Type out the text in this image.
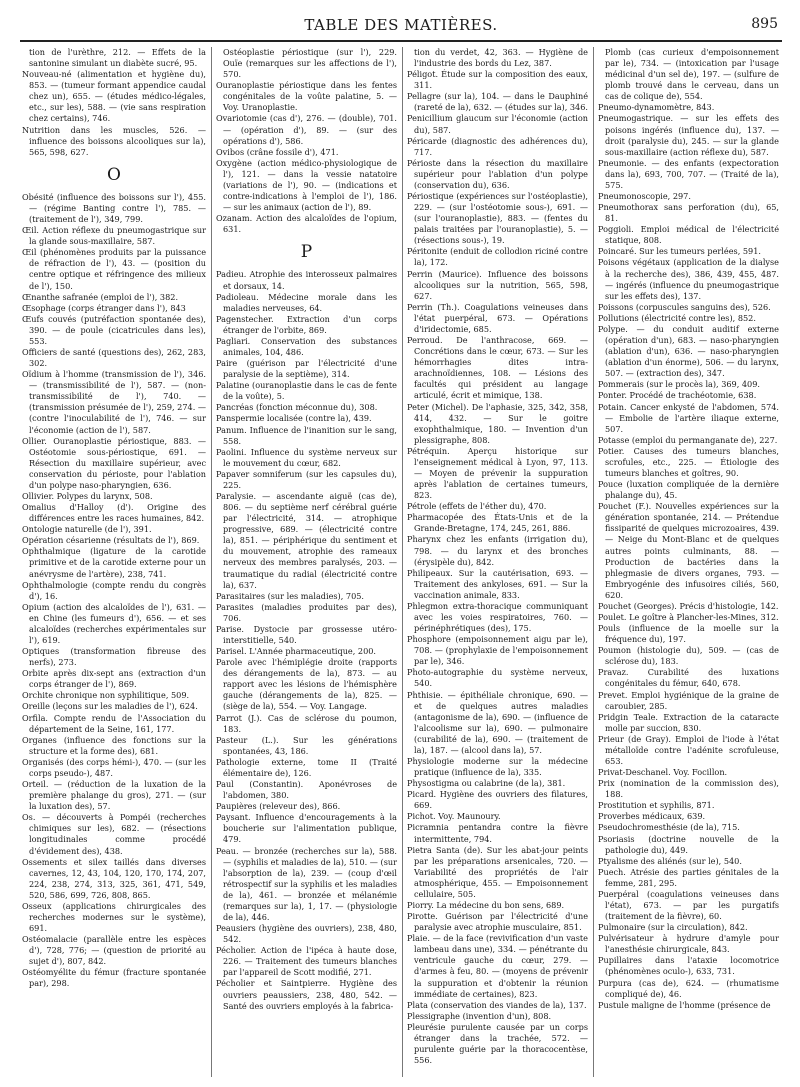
TABLE DES MATIÈRES.	895
tion de l'urèthre, 212. — Effets de la santonine simulant un diabète sucré, 95.
Nouveau-né (alimentation et hygiène du), 853. — (tumeur formant appendice caudal chez un), 655. — (études médico-légales, etc., sur les), 588. — (vie sans respiration chez certains), 746.
Nutrition dans les muscles, 526. — influence des boissons alcooliques sur la), 565, 598, 627.
O
Obésité (influence des boissons sur l'), 455. — (régime Banting contre l'), 785. — (traitement de l'), 349, 799.
Œil. Action réflexe du pneumogastrique sur la glande sous-maxillaire, 587.
Œil (phénomènes produits par la puissance de réfraction de l'), 43. — (position du centre optique et réfringence des milieux de l'), 150.
Œnanthe safranée (emploi de l'), 382.
Œsophage (corps étranger dans l'), 843
Œufs couvés (putréfaction spontanée des), 390. — de poule (cicatricules dans les), 553.
Officiers de santé (questions des), 262, 283, 302.
Oïdium à l'homme (transmission de l'), 346. — (transmissibilité de l'), 587. — (non-transmissibilité de l'), 740. — (transmission présumée de l'), 259, 274. — (contre l'inoculabilité de l'), 746. — sur l'économie (action de l'), 587.
Ollier. Ouranoplastie périostique, 883. — Ostéotomie sous-périostique, 691. — Résection du maxillaire supérieur, avec conservation du périoste, pour l'ablation d'un polype naso-pharyngien, 636.
Ollivier. Polypes du larynx, 508.
Omalius d'Halloy (d'). Origine des différences entre les races humaines, 842.
Ontologie naturelle (de l'), 391.
Opération césarienne (résultats de l'), 869.
Ophthalmique (ligature de la carotide primitive et de la carotide externe pour un anévrysme de l'artère), 238, 741.
Ophthalmologie (compte rendu du congrès d'), 16.
Opium (action des alcaloïdes de l'), 631. — en Chine (les fumeurs d'), 656. — et ses alcaloïdes (recherches expérimentales sur l'), 619.
Optiques (transformation fibreuse des nerfs), 273.
Orbite après dix-sept ans (extraction d'un corps étranger de l'), 869.
Orchite chronique non syphilitique, 509.
Oreille (leçons sur les maladies de l'), 624.
Orfila. Compte rendu de l'Association du département de la Seine, 161, 177.
Organes (influence des fonctions sur la structure et la forme des), 681.
Organisés (des corps hémi-), 470. — (sur les corps pseudo-), 487.
Orteil. — (réduction de la luxation de la première phalange du gros), 271. — (sur la luxation des), 57.
Os. — découverts à Pompéi (recherches chimiques sur les), 682. — (résections longitudinales comme procédé d'évidement des), 438.
Ossements et silex taillés dans diverses cavernes, 12, 43, 104, 120, 170, 174, 207, 224, 238, 274, 313, 325, 361, 471, 549, 520, 586, 699, 726, 808, 865.
Osseux (applications chirurgicales des recherches modernes sur le système), 691.
Ostéomalacie (parallèle entre les espèces d'), 728, 776; — (question de priorité au sujet d'), 807, 842.
Ostéomyélite du fémur (fracture spontanée par), 298.
Ostéoplastie périostique (sur l'), 229. Ouïe (remarques sur les affections de l'), 570.
Ouranoplastie périostique dans les fentes congénitales de la voûte palatine, 5. — Voy. Uranoplastie.
Ovariotomie (cas d'), 276. — (double), 701. — (opération d'), 89. — (sur des opérations d'), 586.
Ovibos (crâne fossile d'), 471.
Oxygène (action médico-physiologique de l'), 121. — dans la vessie natatoire (variations de l'), 90. — (indications et contre-indications à l'emploi de l'), 186. — sur les animaux (action de l'), 89.
Ozanam. Action des alcaloïdes de l'opium, 631.
P
Padieu. Atrophie des interosseux palmaires et dorsaux, 14.
Padioleau. Médecine morale dans les maladies nerveuses, 64.
Pagenstecher. Extraction d'un corps étranger de l'orbite, 869.
Pagliari. Conservation des substances animales, 104, 486.
Paire (guérison par l'électricité d'une paralysie de la septième), 314.
Palatine (ouranoplastie dans le cas de fente de la voûte), 5.
Pancréas (fonction méconnue du), 308.
Panspermie localisée (contre la), 439.
Panum. Influence de l'inanition sur le sang, 558.
Paolini. Influence du système nerveux sur le mouvement du cœur, 682.
Papaver somniferum (sur les capsules du), 225.
Paralysie. — ascendante aiguë (cas de), 806. — du septième nerf cérébral guérie par l'électricité, 314. — atrophique progressive, 689. — (électricité contre la), 851. — périphérique du sentiment et du mouvement, atrophie des rameaux nerveux des membres paralysés, 203. — traumatique du radial (électricité contre la), 637.
Parasitaires (sur les maladies), 705.
Parasites (maladies produites par des), 706.
Parise. Dystocie par grossesse utéro-interstitielle, 540.
Parisel. L'Année pharmaceutique, 200.
Parole avec l'hémiplégie droite (rapports des dérangements de la), 873. — au rapport avec les lésions de l'hémisphère gauche (dérangements de la), 825. — (siège de la), 554. — Voy. Langage.
Parrot (J.). Cas de sclérose du poumon, 183.
Pasteur (L.). Sur les générations spontanées, 43, 186.
Pathologie externe, tome II (Traité élémentaire de), 126.
Paul (Constantin). Aponévroses de l'abdomen, 380.
Paupières (releveur des), 866.
Paysant. Influence d'encouragements à la boucherie sur l'alimentation publique, 479.
Peau. — bronzée (recherches sur la), 588. — (syphilis et maladies de la), 510. — (sur l'absorption de la), 239. — (coup d'œil rétrospectif sur la syphilis et les maladies de la), 461. — bronzée et mélanémie (remarques sur la), 1, 17. — (physiologie de la), 446.
Peausiers (hygiène des ouvriers), 238, 480, 542.
Pécholier. Action de l'ipéca à haute dose, 226. — Traitement des tumeurs blanches par l'appareil de Scott modifié, 271.
Pécholier et Saintpierre. Hygiène des ouvriers peaussiers, 238, 480, 542. — Santé des ouvriers employés à la fabrica-
tion du verdet, 42, 363. — Hygiène de l'industrie des bords du Lez, 387.
Péligot. Étude sur la composition des eaux, 311.
Pellagre (sur la), 104. — dans le Dauphiné (rareté de la), 632. — (études sur la), 346.
Penicillium glaucum sur l'économie (action du), 587.
Péricarde (diagnostic des adhérences du), 717.
Périoste dans la résection du maxillaire supérieur pour l'ablation d'un polype (conservation du), 636.
Périostique (expériences sur l'ostéoplastie), 229. — (sur l'ostéotomie sous-), 691. — (sur l'ouranoplastie), 883. — (fentes du palais traitées par l'ouranoplastie), 5. — (résections sous-), 19.
Péritonite (enduit de collodion riciné contre la), 172.
Perrin (Maurice). Influence des boissons alcooliques sur la nutrition, 565, 598, 627.
Perrin (Th.). Coagulations veineuses dans l'état puerpéral, 673. — Opérations d'iridectomie, 685.
Perroud. De l'anthracose, 669. — Concrétions dans le cœur, 673. — Sur les hémorrhagies dites intra-arachnoïdiennes, 108. — Lésions des facultés qui président au langage articulé, écrit et mimique, 138.
Peter (Michel). De l'aphasie, 325, 342, 358, 414, 432. — Sur le goitre exophthalmique, 180. — Invention d'un plessigraphe, 808.
Pétréquin. Aperçu historique sur l'enseignement médical à Lyon, 97, 113. — Moyen de prévenir la suppuration après l'ablation de certaines tumeurs, 823.
Pétrole (effets de l'éther du), 470.
Pharmacopée des États-Unis et de la Grande-Bretagne, 174, 245, 261, 886.
Pharynx chez les enfants (irrigation du), 798. — du larynx et des bronches (érysipèle du), 842.
Philipeaux. Sur la cautérisation, 693. — Traitement des ankyloses, 691. — Sur la vaccination animale, 833.
Phlegmon extra-thoracique communiquant avec les voies respiratoires, 760. — périnéphrétiques (des), 175.
Phosphore (empoisonnement aigu par le), 708. — (prophylaxie de l'empoisonnement par le), 346.
Photo-autographie du système nerveux, 540.
Phthisie. — épithéliale chronique, 690. — et de quelques autres maladies (antagonisme de la), 690. — (influence de l'alcoolisme sur la), 690. — pulmonaire (curabilité de la), 690. — (traitement de la), 187. — (alcool dans la), 57.
Physiologie moderne sur la médecine pratique (influence de la), 335.
Physostigma ou calabrine (de la), 381.
Picard. Hygiène des ouvriers des filatures, 669.
Pichot. Voy. Maunoury.
Picramnia pentandra contre la fièvre intermittente, 794.
Pietra Santa (de). Sur les abat-jour peints par les préparations arsenicales, 720. — Variabilité des propriétés de l'air atmosphérique, 455. — Empoisonnement cellulaire, 505.
Piorry. La médecine du bon sens, 689.
Pirotte. Guérison par l'électricité d'une paralysie avec atrophie musculaire, 851.
Plaie. — de la face (revivification d'un vaste lambeau dans une), 334. — pénétrante du ventricule gauche du cœur, 279. — d'armes à feu, 80. — (moyens de prévenir la suppuration et d'obtenir la réunion immédiate de certaines), 823.
Plata (conservation des viandes de la), 137.
Plessigraphe (invention d'un), 808.
Pleurésie purulente causée par un corps étranger dans la trachée, 572. — purulente guérie par la thoracocentèse, 556.
Plomb (cas curieux d'empoisonnement par le), 734. — (intoxication par l'usage médicinal d'un sel de), 197. — (sulfure de plomb trouvé dans le cerveau, dans un cas de colique de), 554.
Pneumo-dynamomètre, 843.
Pneumogastrique. — sur les effets des poisons ingérés (influence du), 137. — droit (paralysie du), 245. — sur la glande sous-maxillaire (action réflexe du), 587.
Pneumonie. — des enfants (expectoration dans la), 693, 700, 707. — (Traité de la), 575.
Pneumonoscopie, 297.
Pneumothorax sans perforation (du), 65, 81.
Poggioli. Emploi médical de l'électricité statique, 808.
Poincaré. Sur les tumeurs perlées, 591.
Poisons végétaux (application de la dialyse à la recherche des), 386, 439, 455, 487. — ingérés (influence du pneumogastrique sur les effets des), 137.
Poissons (corpuscules sanguins des), 526.
Pollutions (électricité contre les), 852.
Polype. — du conduit auditif externe (opération d'un), 683. — naso-pharyngien (ablation d'un), 636. — naso-pharyngien (ablation d'un énorme), 506. — du larynx, 507. — (extraction des), 347.
Pommerais (sur le procès la), 369, 409.
Ponter. Procédé de trachéotomie, 638.
Potain. Cancer enkysté de l'abdomen, 574. — Embolie de l'artère iliaque externe, 507.
Potasse (emploi du permanganate de), 227.
Potier. Causes des tumeurs blanches, scrofules, etc., 225. — Étiologie des tumeurs blanches et goîtres, 90.
Pouce (luxation compliquée de la dernière phalange du), 45.
Pouchet (F.). Nouvelles expériences sur la génération spontanée, 214. — Prétendue fissiparité de quelques microzoaires, 439. — Neige du Mont-Blanc et de quelques autres points culminants, 88. — Production de bactéries dans la phlegmasie de divers organes, 793. — Embryogénie des infusoires ciliés, 560, 620.
Pouchet (Georges). Précis d'histologie, 142.
Poulet. Le goître à Plancher-les-Mines, 312.
Pouls (influence de la moelle sur la fréquence du), 197.
Poumon (histologie du), 509. — (cas de sclérose du), 183.
Pravaz. Curabilité des luxations congénitales du fémur, 640, 678.
Prevet. Emploi hygiénique de la graine de caroubier, 285.
Pridgin Teale. Extraction de la cataracte molle par succion, 830.
Prieur (de Gray). Emploi de l'iode à l'état métalloïde contre l'adénite scrofuleuse, 653.
Privat-Deschanel. Voy. Focillon.
Prix (nomination de la commission des), 188.
Prostitution et syphilis, 871.
Proverbes médicaux, 639.
Pseudochromesthésie (de la), 715.
Psoriasis (doctrine nouvelle de la pathologie du), 449.
Ptyalisme des aliénés (sur le), 540.
Puech. Atrésie des parties génitales de la femme, 281, 295.
Puerpéral (coagulations veineuses dans l'état), 673. — par les purgatifs (traitement de la fièvre), 60.
Pulmonaire (sur la circulation), 842.
Pulvérisateur à hydrure d'amyle pour l'anesthésie chirurgicale, 843.
Pupillaires dans l'ataxie locomotrice (phénomènes oculo-), 633, 731.
Purpura (cas de), 624. — (rhumatisme compliqué de), 46.
Pustule maligne de l'homme (présence de
